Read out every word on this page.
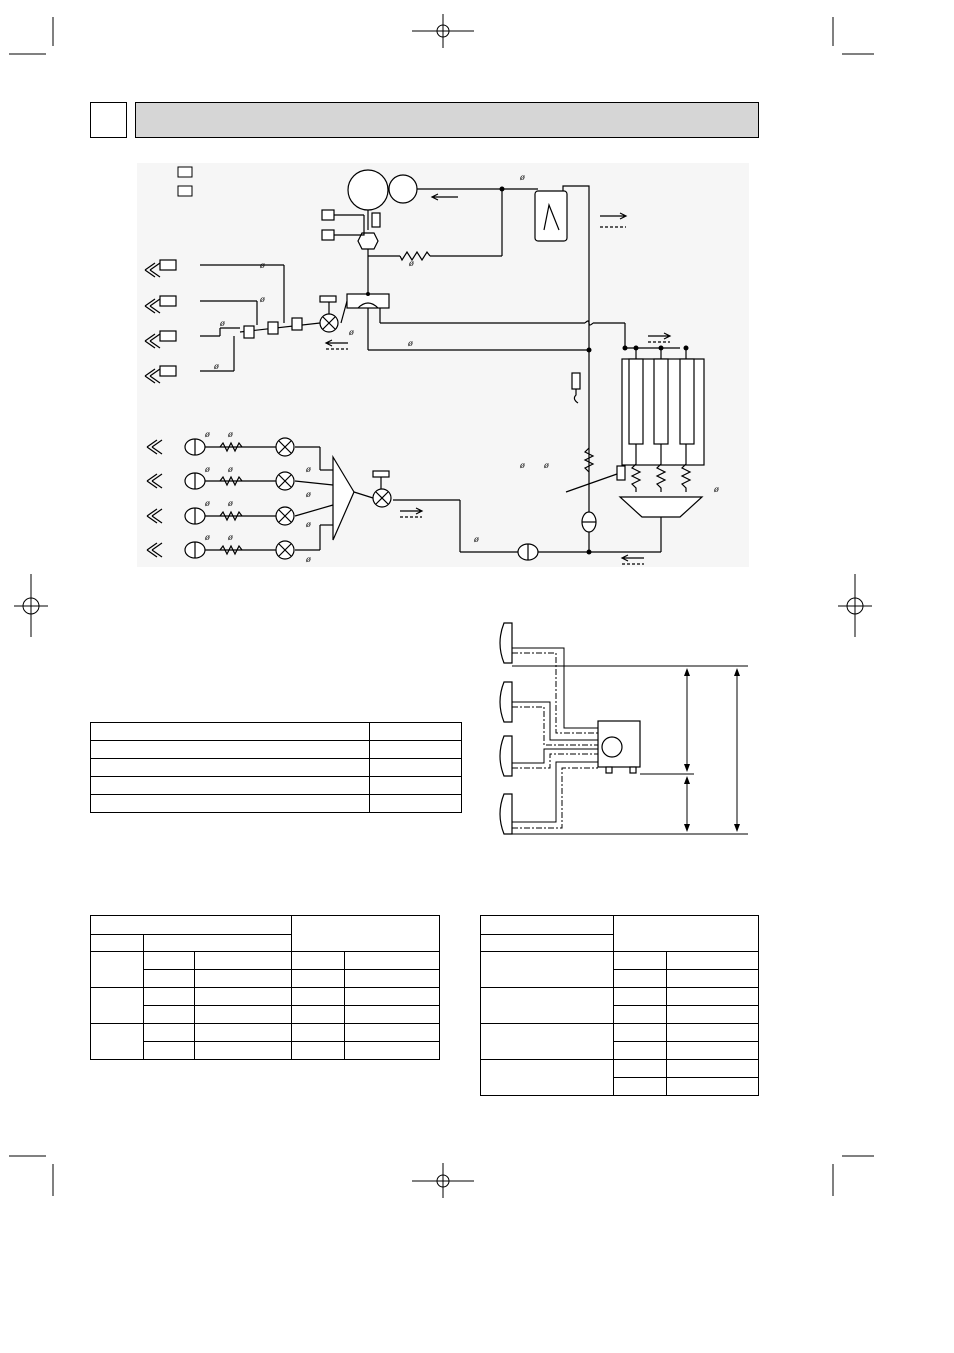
ø
ø
ø
ø
ø
ø
ø
ø
ø ø
ø
ø
ø ø
ø ø
ø ø
ø ø
ø
ø
ø
ø
